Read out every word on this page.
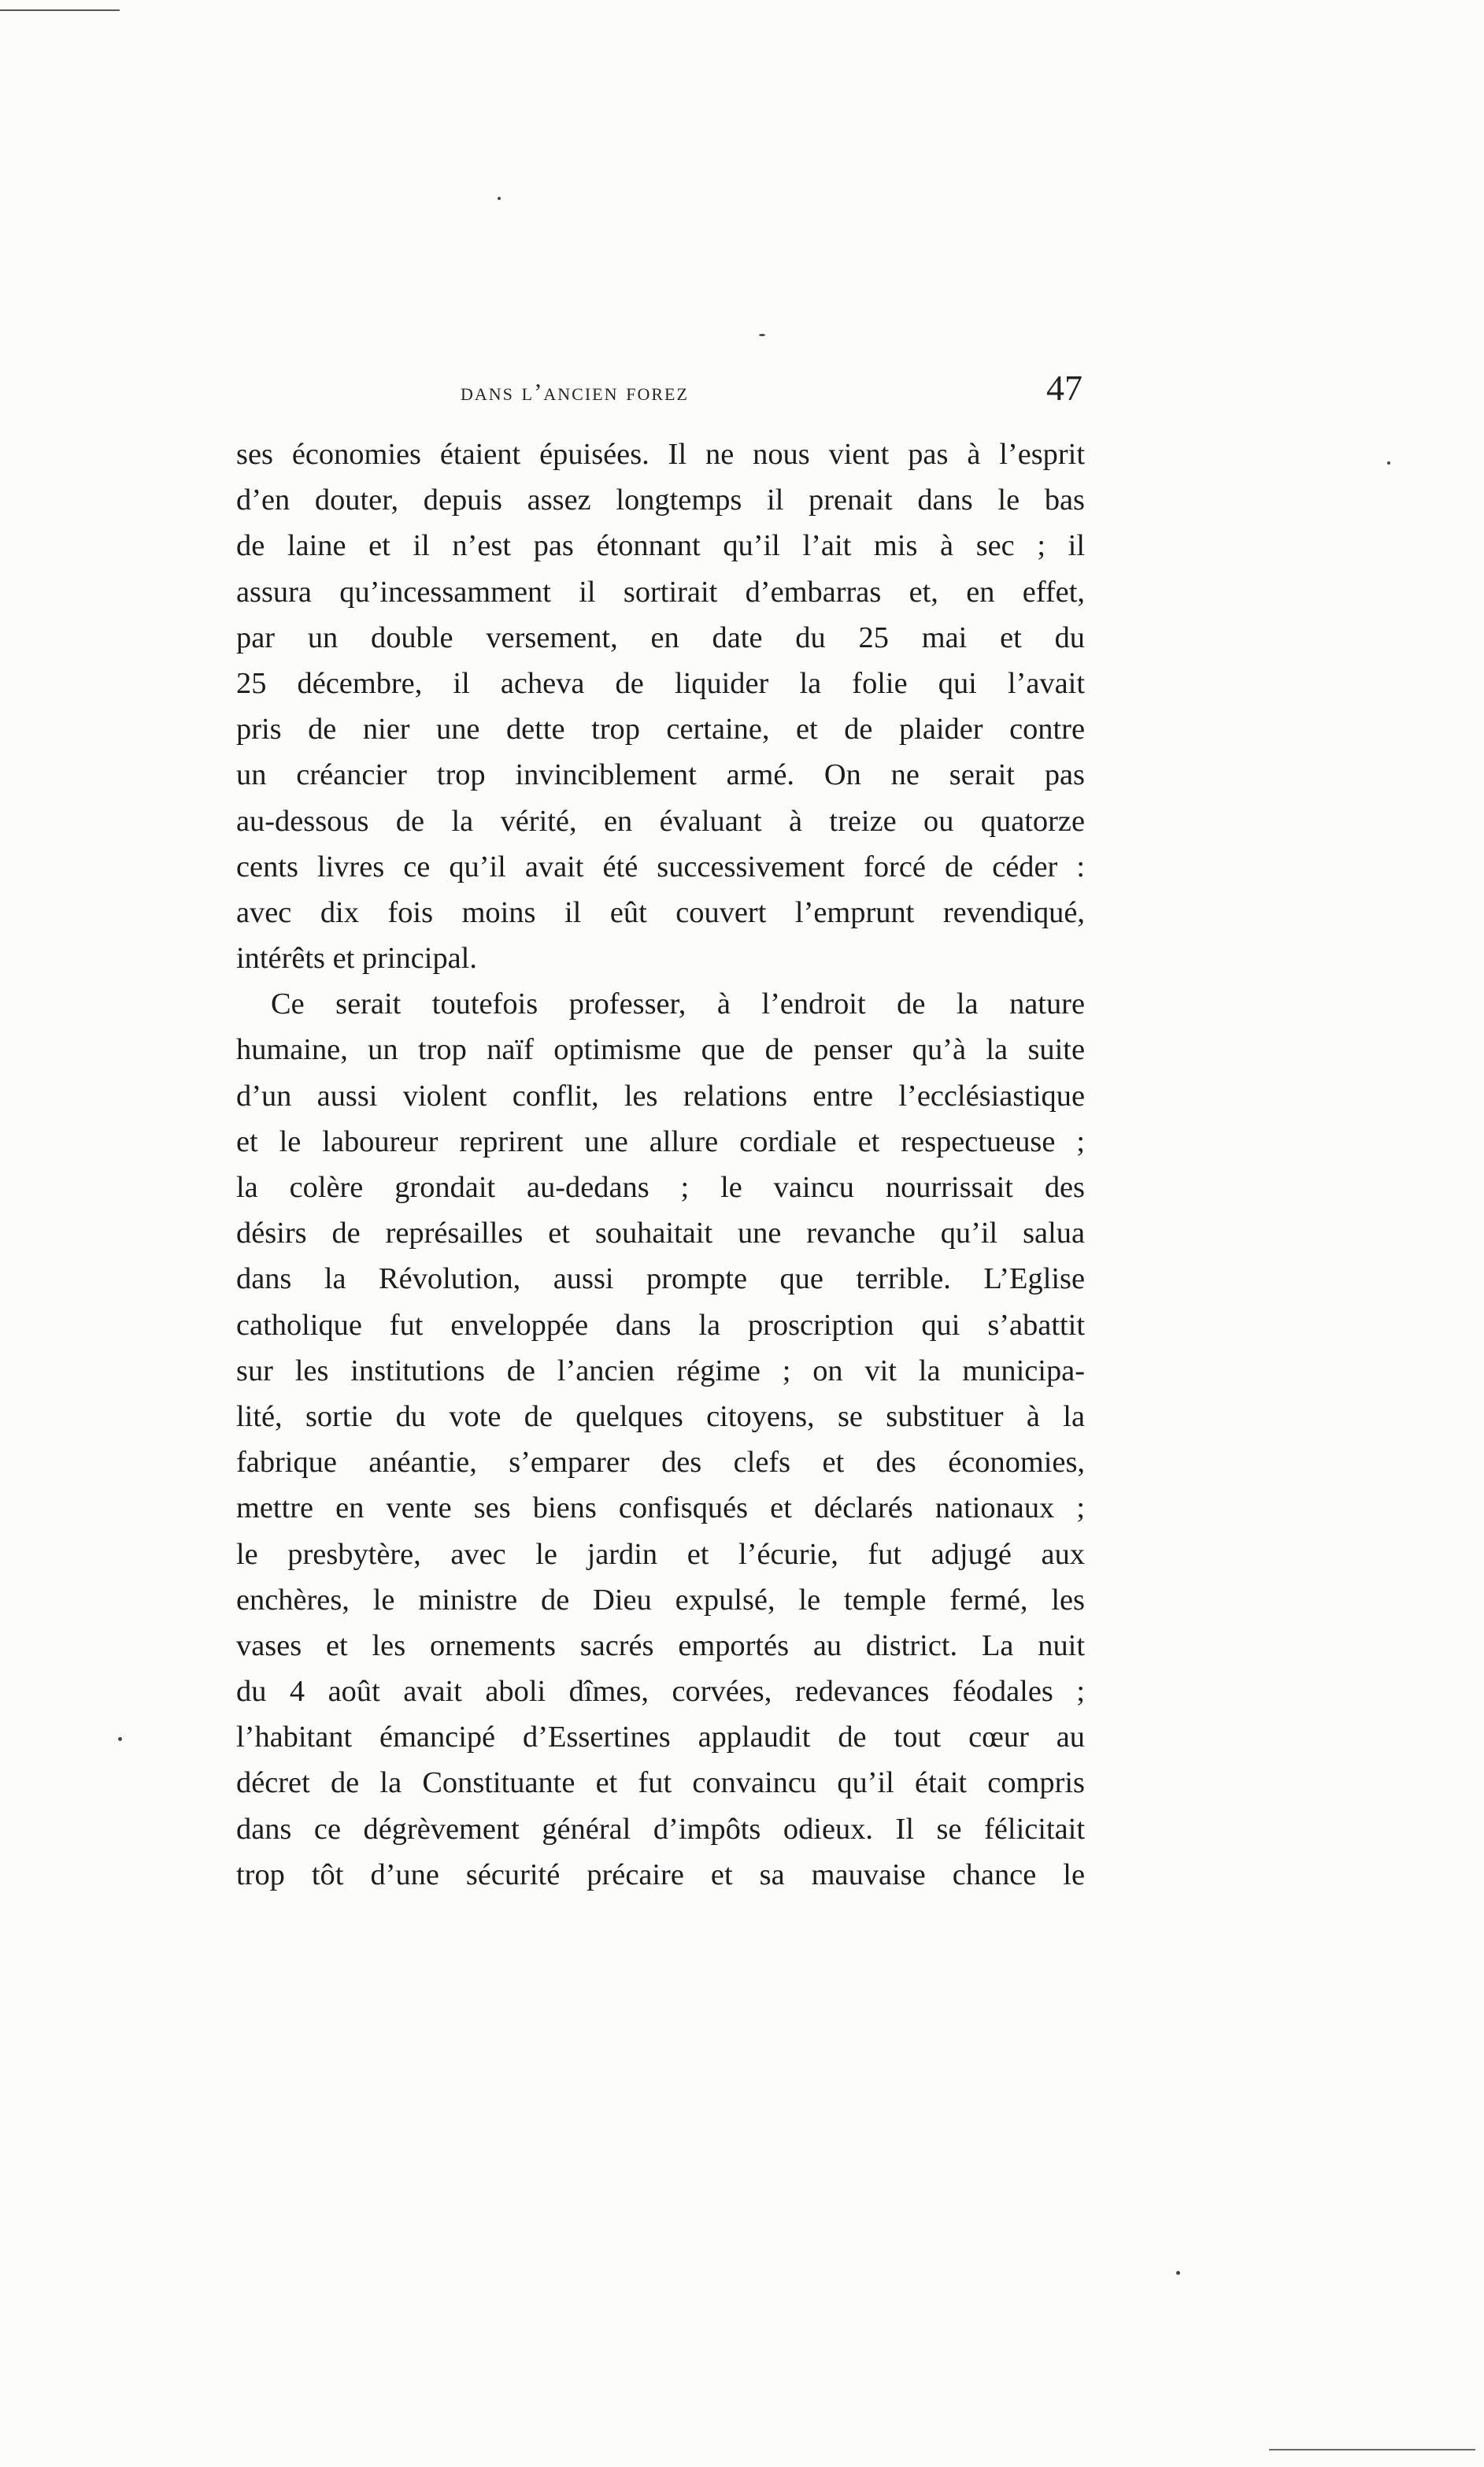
dans l’ancien forez	47
ses économies étaient épuisées. Il ne nous vient pas à l’esprit
d’en douter, depuis assez longtemps il prenait dans le bas
de laine et il n’est pas étonnant qu’il l’ait mis à sec ; il
assura qu’incessamment il sortirait d’embarras et, en effet,
par un double versement, en date du 25 mai et du
25 décembre, il acheva de liquider la folie qui l’avait
pris de nier une dette trop certaine, et de plaider contre
un créancier trop invinciblement armé. On ne serait pas
au-dessous de la vérité, en évaluant à treize ou quatorze
cents livres ce qu’il avait été successivement forcé de céder :
avec dix fois moins il eût couvert l’emprunt revendiqué,
intérêts et principal.
Ce serait toutefois professer, à l’endroit de la nature
humaine, un trop naïf optimisme que de penser qu’à la suite
d’un aussi violent conflit, les relations entre l’ecclésiastique
et le laboureur reprirent une allure cordiale et respectueuse ;
la colère grondait au-dedans ; le vaincu nourrissait des
désirs de représailles et souhaitait une revanche qu’il salua
dans la Révolution, aussi prompte que terrible. L’Eglise
catholique fut enveloppée dans la proscription qui s’abattit
sur les institutions de l’ancien régime ; on vit la municipa-
lité, sortie du vote de quelques citoyens, se substituer à la
fabrique anéantie, s’emparer des clefs et des économies,
mettre en vente ses biens confisqués et déclarés nationaux ;
le presbytère, avec le jardin et l’écurie, fut adjugé aux
enchères, le ministre de Dieu expulsé, le temple fermé, les
vases et les ornements sacrés emportés au district. La nuit
du 4 août avait aboli dîmes, corvées, redevances féodales ;
l’habitant émancipé d’Essertines applaudit de tout cœur au
décret de la Constituante et fut convaincu qu’il était compris
dans ce dégrèvement général d’impôts odieux. Il se félicitait
trop tôt d’une sécurité précaire et sa mauvaise chance le
